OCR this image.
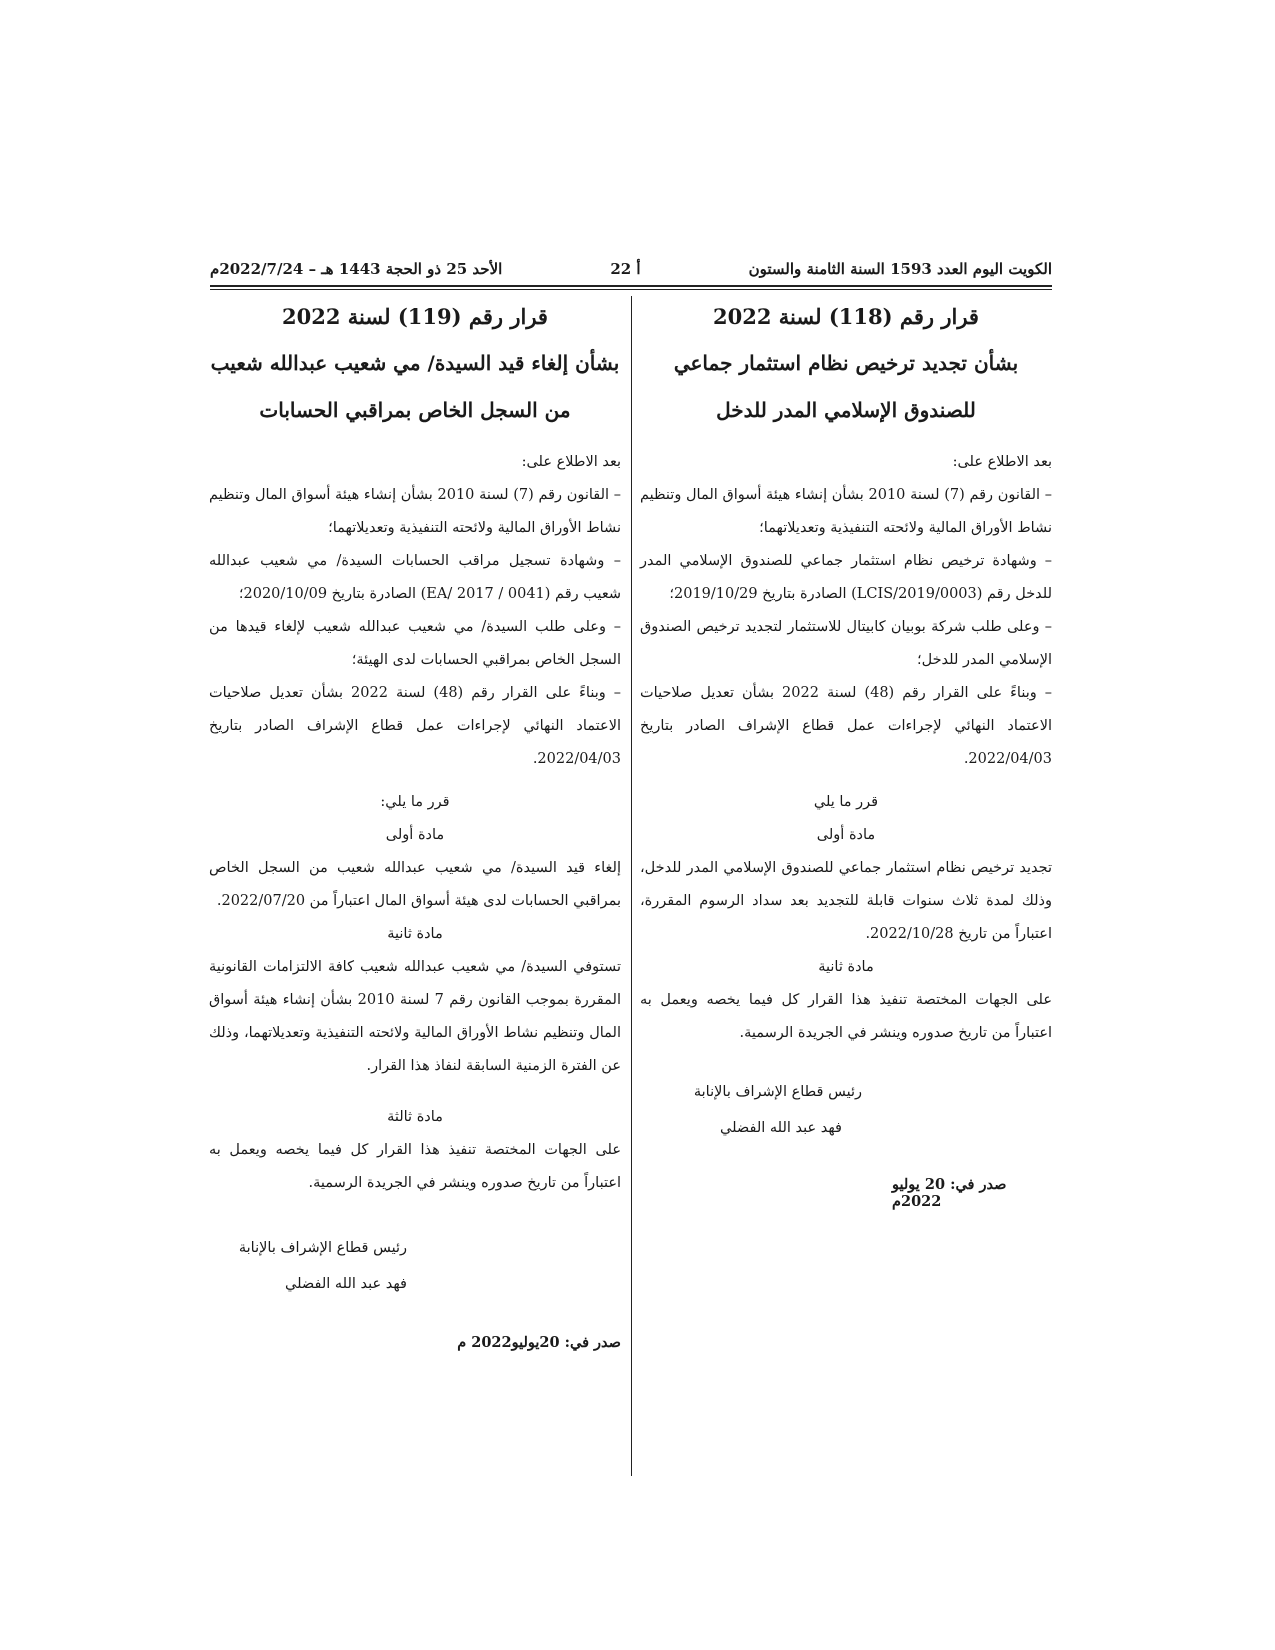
الكويت اليوم العدد 1593 السنة الثامنة والستون
أ 22
الأحد 25 ذو الحجة 1443 هـ – 2022/7/24م

قرار رقم (118) لسنة 2022

بشأن تجديد ترخيص نظام استثمار جماعي للصندوق الإسلامي المدر للدخل

بعد الاطلاع على:

– القانون رقم (7) لسنة 2010 بشأن إنشاء هيئة أسواق المال وتنظيم نشاط الأوراق المالية ولائحته التنفيذية وتعديلاتهما؛

– وشهادة ترخيص نظام استثمار جماعي للصندوق الإسلامي المدر للدخل رقم (LCIS/2019/0003) الصادرة بتاريخ 2019/10/29؛

– وعلى طلب شركة بوبيان كابيتال للاستثمار لتجديد ترخيص الصندوق الإسلامي المدر للدخل؛

– وبناءً على القرار رقم (48) لسنة 2022 بشأن تعديل صلاحيات الاعتماد النهائي لإجراءات عمل قطاع الإشراف الصادر بتاريخ 2022/04/03.

قرر ما يلي

مادة أولى

تجديد ترخيص نظام استثمار جماعي للصندوق الإسلامي المدر للدخل، وذلك لمدة ثلاث سنوات قابلة للتجديد بعد سداد الرسوم المقررة، اعتباراً من تاريخ 2022/10/28.

مادة ثانية

على الجهات المختصة تنفيذ هذا القرار كل فيما يخصه ويعمل به اعتباراً من تاريخ صدوره وينشر في الجريدة الرسمية.

رئيس قطاع الإشراف بالإنابة

فهد عبد الله الفضلي

صدر في: 20 يوليو 2022م

قرار رقم (119) لسنة 2022

بشأن إلغاء قيد السيدة/ مي شعيب عبدالله شعيب من السجل الخاص بمراقبي الحسابات

بعد الاطلاع على:

– القانون رقم (7) لسنة 2010 بشأن إنشاء هيئة أسواق المال وتنظيم نشاط الأوراق المالية ولائحته التنفيذية وتعديلاتهما؛

– وشهادة تسجيل مراقب الحسابات السيدة/ مي شعيب عبدالله شعيب رقم (0041 / 2017 /EA) الصادرة بتاريخ 2020/10/09؛

– وعلى طلب السيدة/ مي شعيب عبدالله شعيب لإلغاء قيدها من السجل الخاص بمراقبي الحسابات لدى الهيئة؛

– وبناءً على القرار رقم (48) لسنة 2022 بشأن تعديل صلاحيات الاعتماد النهائي لإجراءات عمل قطاع الإشراف الصادر بتاريخ 2022/04/03.

قرر ما يلي:

مادة أولى

إلغاء قيد السيدة/ مي شعيب عبدالله شعيب من السجل الخاص بمراقبي الحسابات لدى هيئة أسواق المال اعتباراً من 2022/07/20.

مادة ثانية

تستوفي السيدة/ مي شعيب عبدالله شعيب كافة الالتزامات القانونية المقررة بموجب القانون رقم 7 لسنة 2010 بشأن إنشاء هيئة أسواق المال وتنظيم نشاط الأوراق المالية ولائحته التنفيذية وتعديلاتهما، وذلك عن الفترة الزمنية السابقة لنفاذ هذا القرار.

مادة ثالثة

على الجهات المختصة تنفيذ هذا القرار كل فيما يخصه ويعمل به اعتباراً من تاريخ صدوره وينشر في الجريدة الرسمية.

رئيس قطاع الإشراف بالإنابة

فهد عبد الله الفضلي

صدر في: 20يوليو2022 م
